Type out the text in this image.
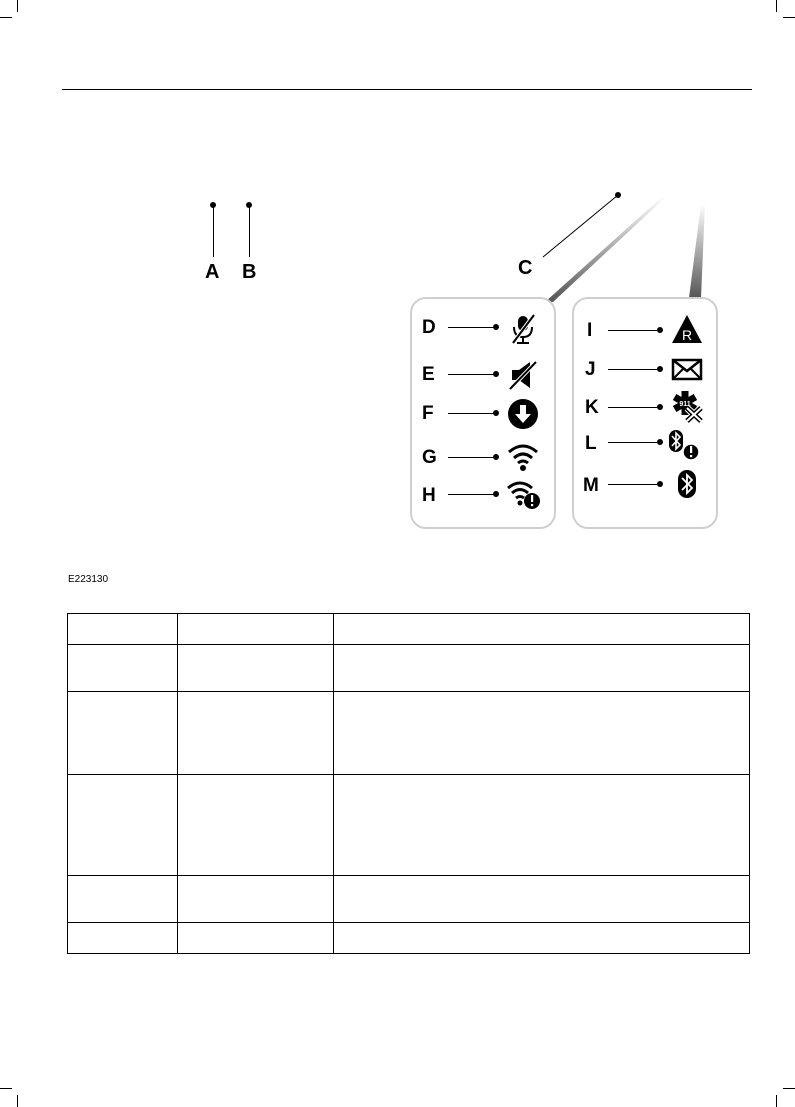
A B	C
D
E
F
G
H
I	R
J
K	911
L
M
E223130
